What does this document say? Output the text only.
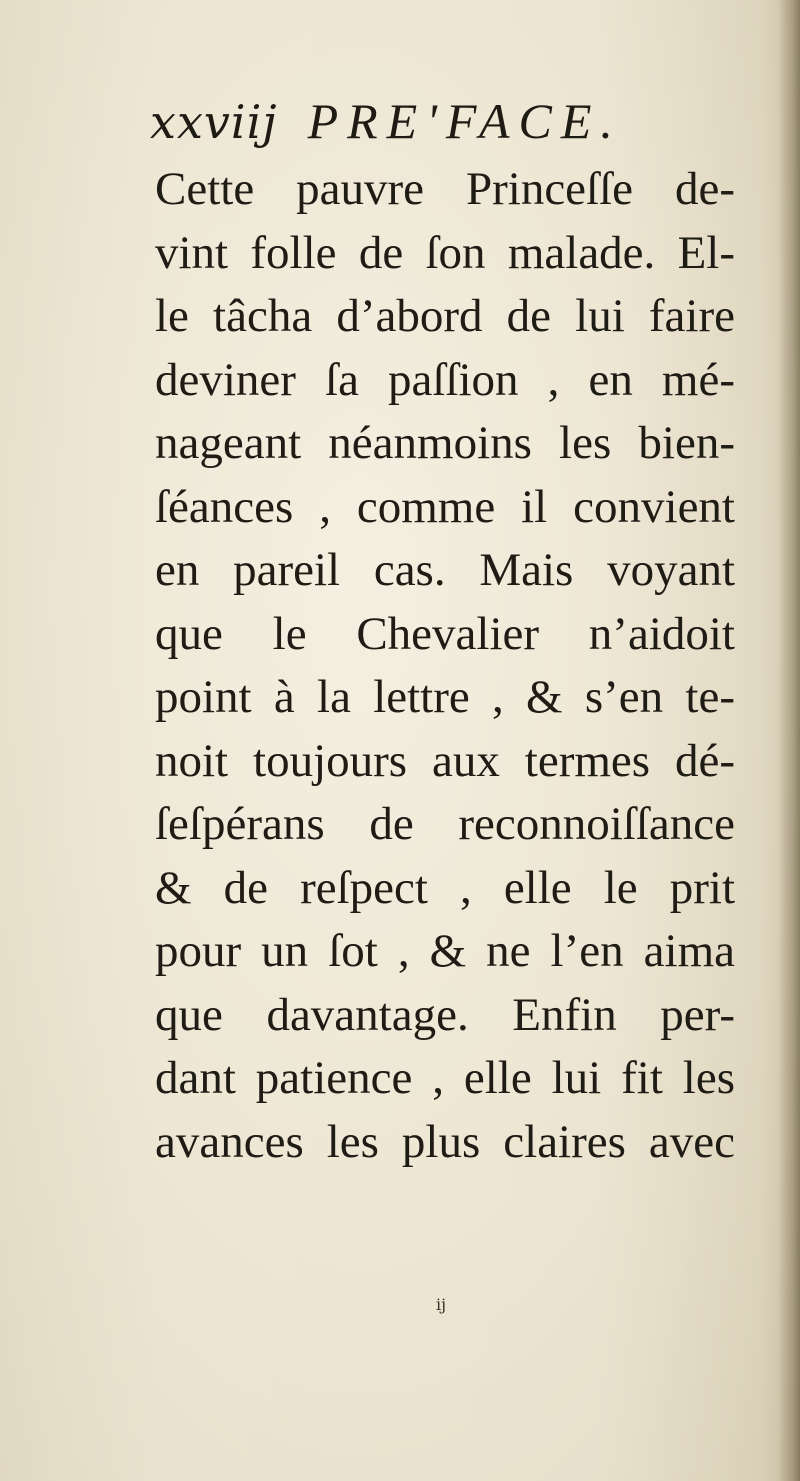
xxviij PRE'FACE.
Cette pauvre Princeſſe de-
vint folle de ſon malade. El-
le tâcha d’abord de lui faire
deviner ſa paſſion , en mé-
nageant néanmoins les bien-
ſéances , comme il convient
en pareil cas. Mais voyant
que le Chevalier n’aidoit
point à la lettre , & s’en te-
noit toujours aux termes dé-
ſeſpérans de reconnoiſſance
& de reſpect , elle le prit
pour un ſot , & ne l’en aima
que davantage. Enfin per-
dant patience , elle lui fit les
avances les plus claires avec
ij
